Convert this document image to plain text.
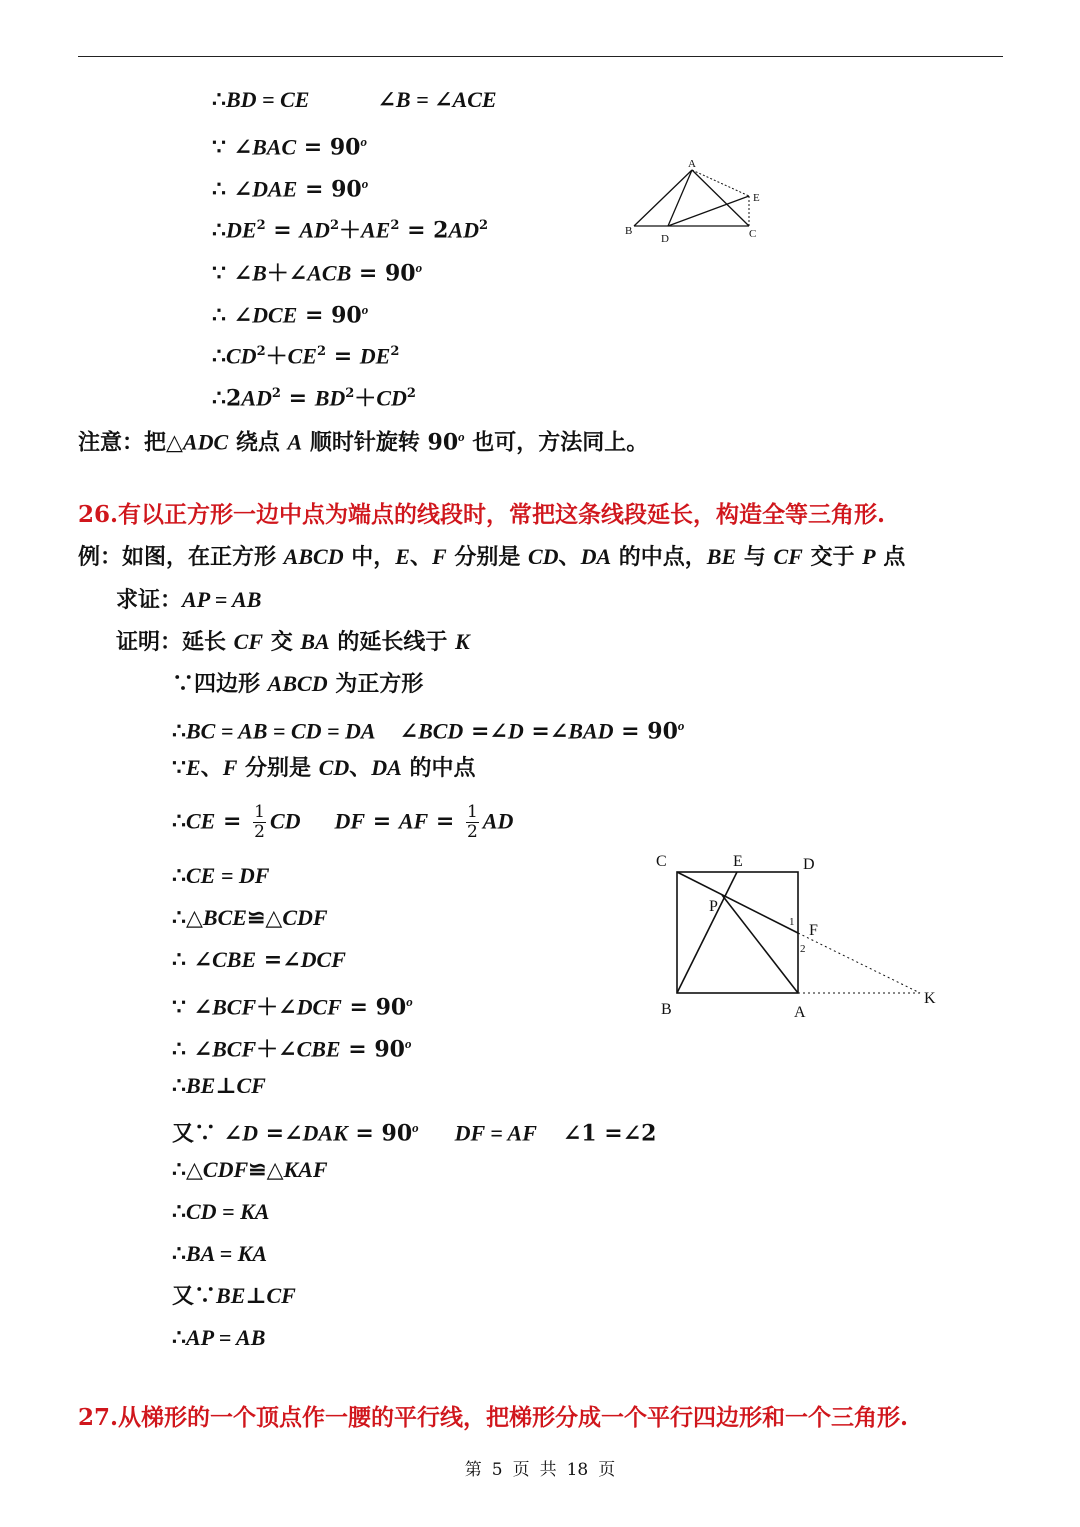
∴BD = CE	∠B = ∠ACE
∵ ∠BAC = $90^o$
∴ ∠DAE = $90^o$
$\therefore DE^2 = AD^2+AE^2 = 2AD^2$
∵ ∠B＋∠ACB = $90^o$
∴ ∠DCE = $90^o$
$\therefore CD^2+CE^2 = DE^2$
$\therefore 2AD^2 = BD^2+CD^2$
A
B
D	C
E
注意：把△ADC 绕点 A 顺时针旋转 90$^o$ 也可，方法同上。
26.有以正方形一边中点为端点的线段时，常把这条线段延长，构造全等三角形.
例：如图，在正方形 ABCD 中，E、F 分别是 CD、DA 的中点，BE 与 CF 交于 P 点
求证：AP = AB
证明：延长 CF 交 BA 的延长线于 K
∵四边形 ABCD 为正方形
∴BC = AB = CD = DA ∠BCD =∠D =∠BAD = $90^o$
∵E、F 分别是 CD、DA 的中点
∴CE = $\frac{1}{2}$ CD DF = AF = $\frac{1}{2}$ AD
∴CE = DF
∴△BCE≌△CDF
∴ ∠CBE =∠DCF
∵ ∠BCF＋∠DCF = $90^o$
∴ ∠BCF＋∠CBE = $90^o$
∴BE⊥CF
又∵ ∠D =∠DAK = $90^o$ DF = AF ∠1 =∠2
∴△CDF≌△KAF
∴CD = KA
∴BA = KA
又∵BE⊥CF
∴AP = AB
C	E	D
P
F
B	A
K
1
2
27.从梯形的一个顶点作一腰的平行线，把梯形分成一个平行四边形和一个三角形.
第 5 页 共 18 页
